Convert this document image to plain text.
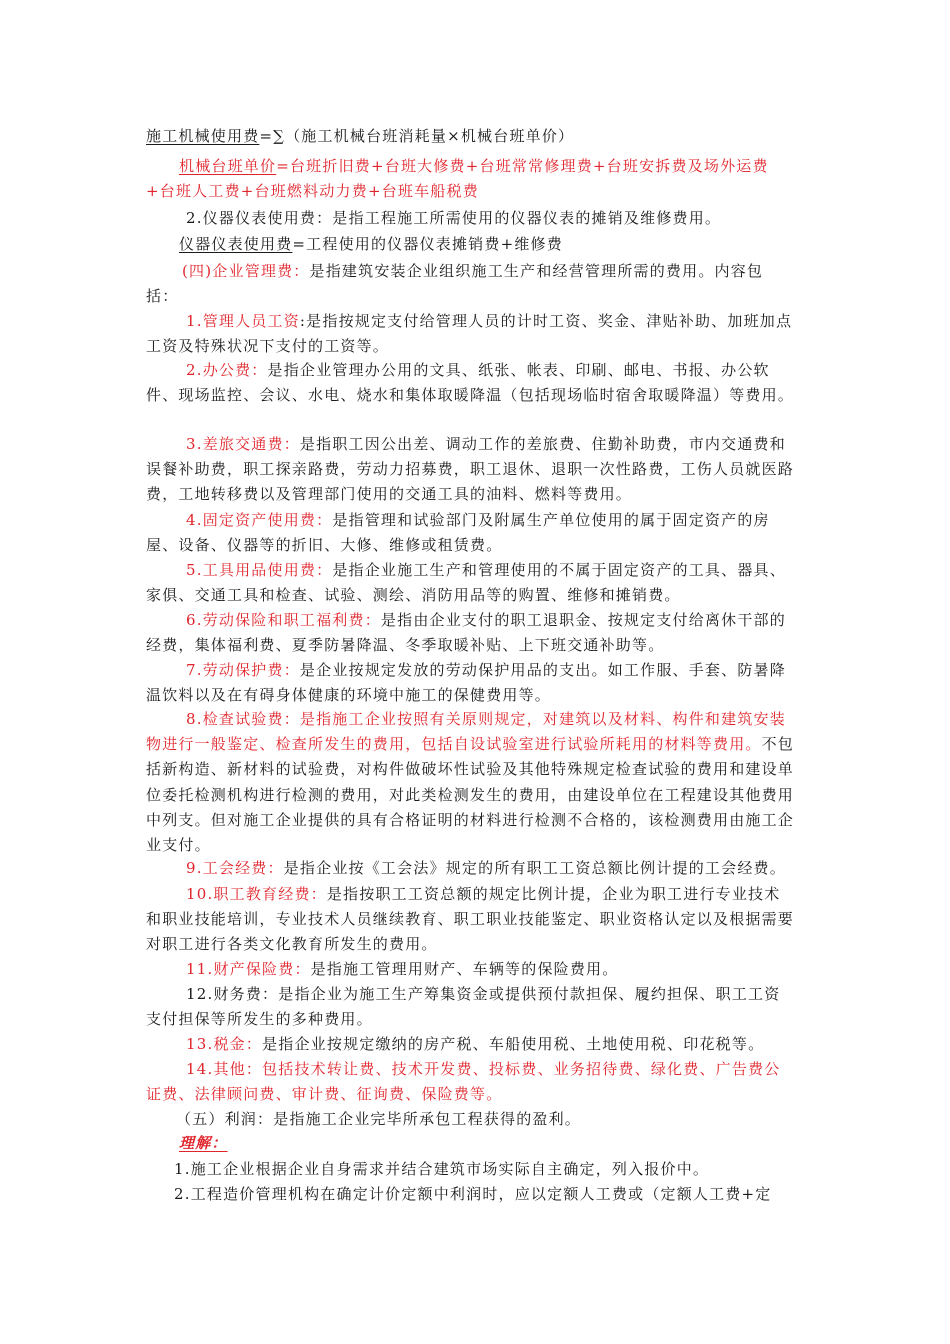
施工机械使用费=∑（施工机械台班消耗量×机械台班单价）

机械台班单价=台班折旧费+台班大修费+台班常常修理费+台班安拆费及场外运费+台班人工费+台班燃料动力费+台班车船税费

2.仪器仪表使用费：是指工程施工所需使用的仪器仪表的摊销及维修费用。

仪器仪表使用费=工程使用的仪器仪表摊销费+维修费

(四)企业管理费：是指建筑安装企业组织施工生产和经营管理所需的费用。内容包括：

1.管理人员工资:是指按规定支付给管理人员的计时工资、奖金、津贴补助、加班加点工资及特殊状况下支付的工资等。

2.办公费：是指企业管理办公用的文具、纸张、帐表、印刷、邮电、书报、办公软件、现场监控、会议、水电、烧水和集体取暖降温（包括现场临时宿舍取暖降温）等费用。

3.差旅交通费：是指职工因公出差、调动工作的差旅费、住勤补助费，市内交通费和误餐补助费，职工探亲路费，劳动力招募费，职工退休、退职一次性路费，工伤人员就医路费，工地转移费以及管理部门使用的交通工具的油料、燃料等费用。

4.固定资产使用费：是指管理和试验部门及附属生产单位使用的属于固定资产的房屋、设备、仪器等的折旧、大修、维修或租赁费。

5.工具用品使用费：是指企业施工生产和管理使用的不属于固定资产的工具、器具、家俱、交通工具和检查、试验、测绘、消防用品等的购置、维修和摊销费。

6.劳动保险和职工福利费：是指由企业支付的职工退职金、按规定支付给离休干部的经费，集体福利费、夏季防暑降温、冬季取暖补贴、上下班交通补助等。

7.劳动保护费：是企业按规定发放的劳动保护用品的支出。如工作服、手套、防暑降温饮料以及在有碍身体健康的环境中施工的保健费用等。

8.检查试验费：是指施工企业按照有关原则规定，对建筑以及材料、构件和建筑安装物进行一般鉴定、检查所发生的费用，包括自设试验室进行试验所耗用的材料等费用。不包括新构造、新材料的试验费，对构件做破坏性试验及其他特殊规定检查试验的费用和建设单位委托检测机构进行检测的费用，对此类检测发生的费用，由建设单位在工程建设其他费用中列支。但对施工企业提供的具有合格证明的材料进行检测不合格的，该检测费用由施工企业支付。

9.工会经费：是指企业按《工会法》规定的所有职工工资总额比例计提的工会经费。

10.职工教育经费：是指按职工工资总额的规定比例计提，企业为职工进行专业技术和职业技能培训，专业技术人员继续教育、职工职业技能鉴定、职业资格认定以及根据需要对职工进行各类文化教育所发生的费用。

11.财产保险费：是指施工管理用财产、车辆等的保险费用。

12.财务费：是指企业为施工生产筹集资金或提供预付款担保、履约担保、职工工资支付担保等所发生的多种费用。

13.税金：是指企业按规定缴纳的房产税、车船使用税、土地使用税、印花税等。

14.其他：包括技术转让费、技术开发费、投标费、业务招待费、绿化费、广告费公证费、法律顾问费、审计费、征询费、保险费等。

（五）利润：是指施工企业完毕所承包工程获得的盈利。

理解：

1.施工企业根据企业自身需求并结合建筑市场实际自主确定，列入报价中。

2.工程造价管理机构在确定计价定额中利润时，应以定额人工费或（定额人工费+定
